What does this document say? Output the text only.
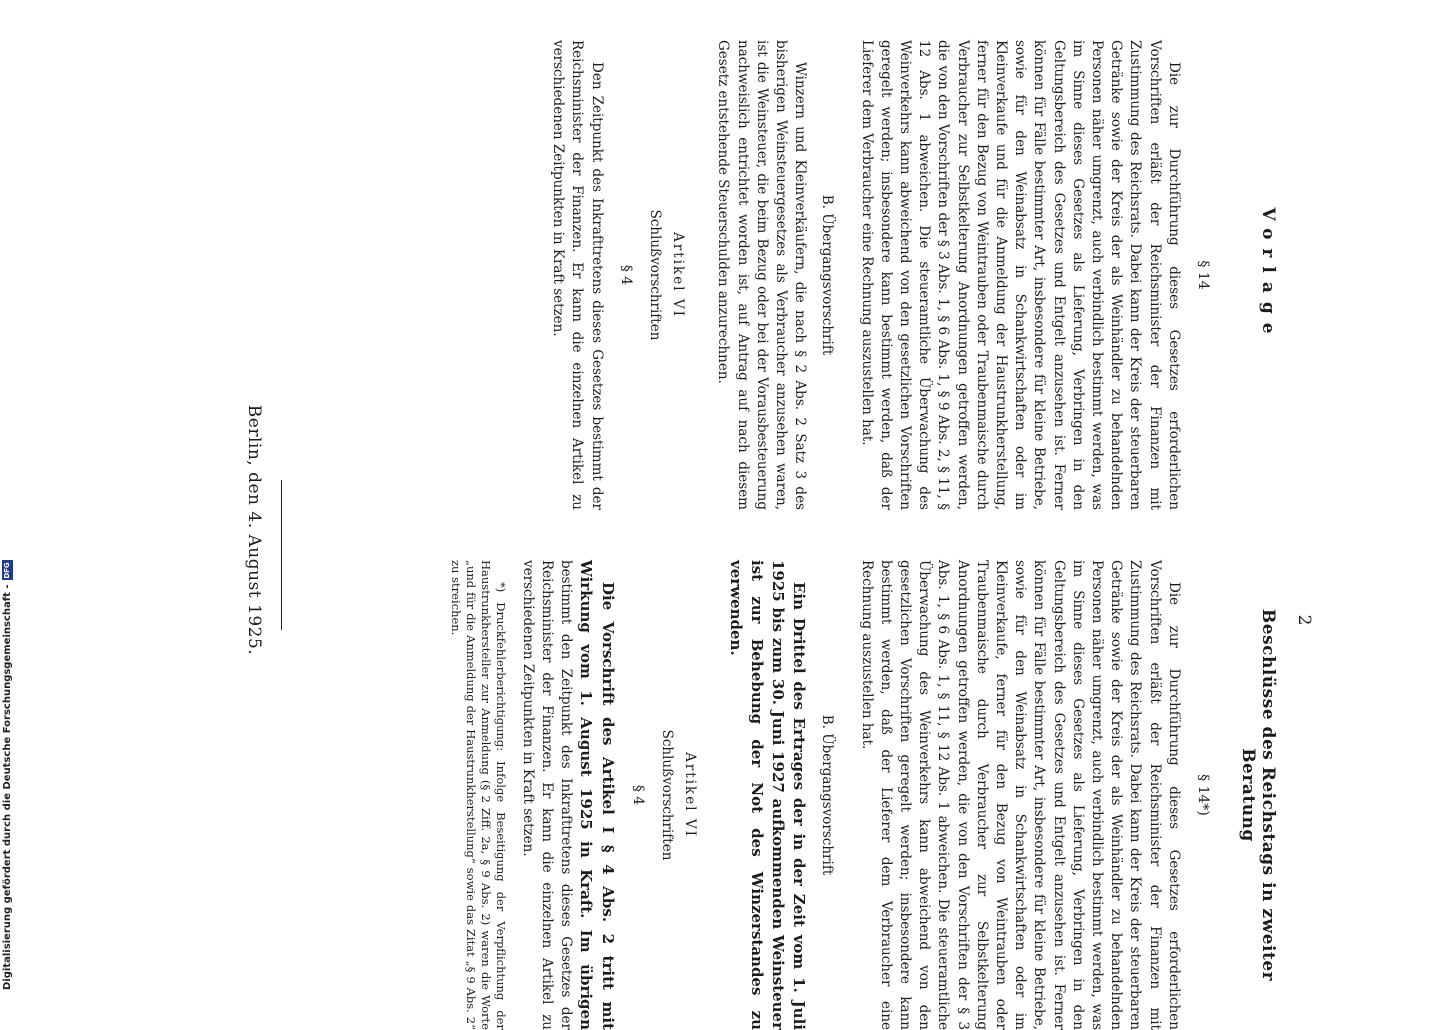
2
Vorlage
Beschlüsse des Reichstags in zweiter Beratung

§ 14

Die zur Durchführung dieses Gesetzes erforderlichen Vorschriften erläßt der Reichsminister der Finanzen mit Zustimmung des Reichsrats. Dabei kann der Kreis der steuerbaren Getränke sowie der Kreis der als Weinhändler zu behandelnden Personen näher umgrenzt, auch verbindlich bestimmt werden, was im Sinne dieses Gesetzes als Lieferung, Verbringen in den Geltungsbereich des Gesetzes und Entgelt anzusehen ist. Ferner können für Fälle bestimmter Art, insbesondere für kleine Betriebe, sowie für den Weinabsatz in Schankwirtschaften oder im Kleinverkaufe und für die Anmeldung der Haustrunkherstellung, ferner für den Bezug von Weintrauben oder Traubenmaische durch Verbraucher zur Selbstkelterung Anordnungen getroffen werden, die von den Vorschriften der § 3 Abs. 1, § 6 Abs. 1, § 9 Abs. 2, § 11, § 12 Abs. 1 abweichen. Die steueramtliche Überwachung des Weinverkehrs kann abweichend von den gesetzlichen Vorschriften geregelt werden; insbesondere kann bestimmt werden, daß der Lieferer dem Verbraucher eine Rechnung auszustellen hat.

B. Übergangsvorschrift

Winzern und Kleinverkäufern, die nach § 2 Abs. 2 Satz 3 des bisherigen Weinsteuergesetzes als Verbraucher anzusehen waren, ist die Weinsteuer, die beim Bezug oder bei der Vorausbesteuerung nachweislich entrichtet worden ist, auf Antrag auf nach diesem Gesetz entstehende Steuerschulden anzurechnen.

Artikel VI

Schlußvorschriften

§ 4

Den Zeitpunkt des Inkrafttretens dieses Gesetzes bestimmt der Reichsminister der Finanzen. Er kann die einzelnen Artikel zu verschiedenen Zeitpunkten in Kraft setzen.

§ 14*)

Die zur Durchführung dieses Gesetzes erforderlichen Vorschriften erläßt der Reichsminister der Finanzen mit Zustimmung des Reichsrats. Dabei kann der Kreis der steuerbaren Getränke sowie der Kreis der als Weinhändler zu behandelnden Personen näher umgrenzt, auch verbindlich bestimmt werden, was im Sinne dieses Gesetzes als Lieferung, Verbringen in den Geltungsbereich des Gesetzes und Entgelt anzusehen ist. Ferner können für Fälle bestimmter Art, insbesondere für kleine Betriebe, sowie für den Weinabsatz in Schankwirtschaften oder im Kleinverkaufe, ferner für den Bezug von Weintrauben oder Traubenmaische durch Verbraucher zur Selbstkelterung Anordnungen getroffen werden, die von den Vorschriften der § 3 Abs. 1, § 6 Abs. 1, § 11, § 12 Abs. 1 abweichen. Die steueramtliche Überwachung des Weinverkehrs kann abweichend von den gesetzlichen Vorschriften geregelt werden; insbesondere kann bestimmt werden, daß der Lieferer dem Verbraucher eine Rechnung auszustellen hat.

B. Übergangsvorschrift

Ein Drittel des Ertrages der in der Zeit vom 1. Juli 1925 bis zum 30. Juni 1927 aufkommenden Weinsteuer ist zur Behebung der Not des Winzerstandes zu verwenden.

Artikel VI

Schlußvorschriften

§ 4

Die Vorschrift des Artikel I § 4 Abs. 2 tritt mit Wirkung vom 1. August 1925 in Kraft. Im übrigen bestimmt den Zeitpunkt des Inkrafttretens dieses Gesetzes der Reichsminister der Finanzen. Er kann die einzelnen Artikel zu verschiedenen Zeitpunkten in Kraft setzen.

*) Druckfehlerberichtigung: Infolge Beseitigung der Verpflichtung der Haustrunkhersteller zur Anmeldung (§ 2 Ziff. 2a, § 9 Abs. 2) waren die Worte „und für die Anmeldung der Haustrunkherstellung“ sowie das Zitat „§ 9 Abs. 2“ zu streichen.

Berlin, den 4. August 1925.
Digitalisierung gefördert durch die Deutsche Forschungsgemeinschaft -
DFG
